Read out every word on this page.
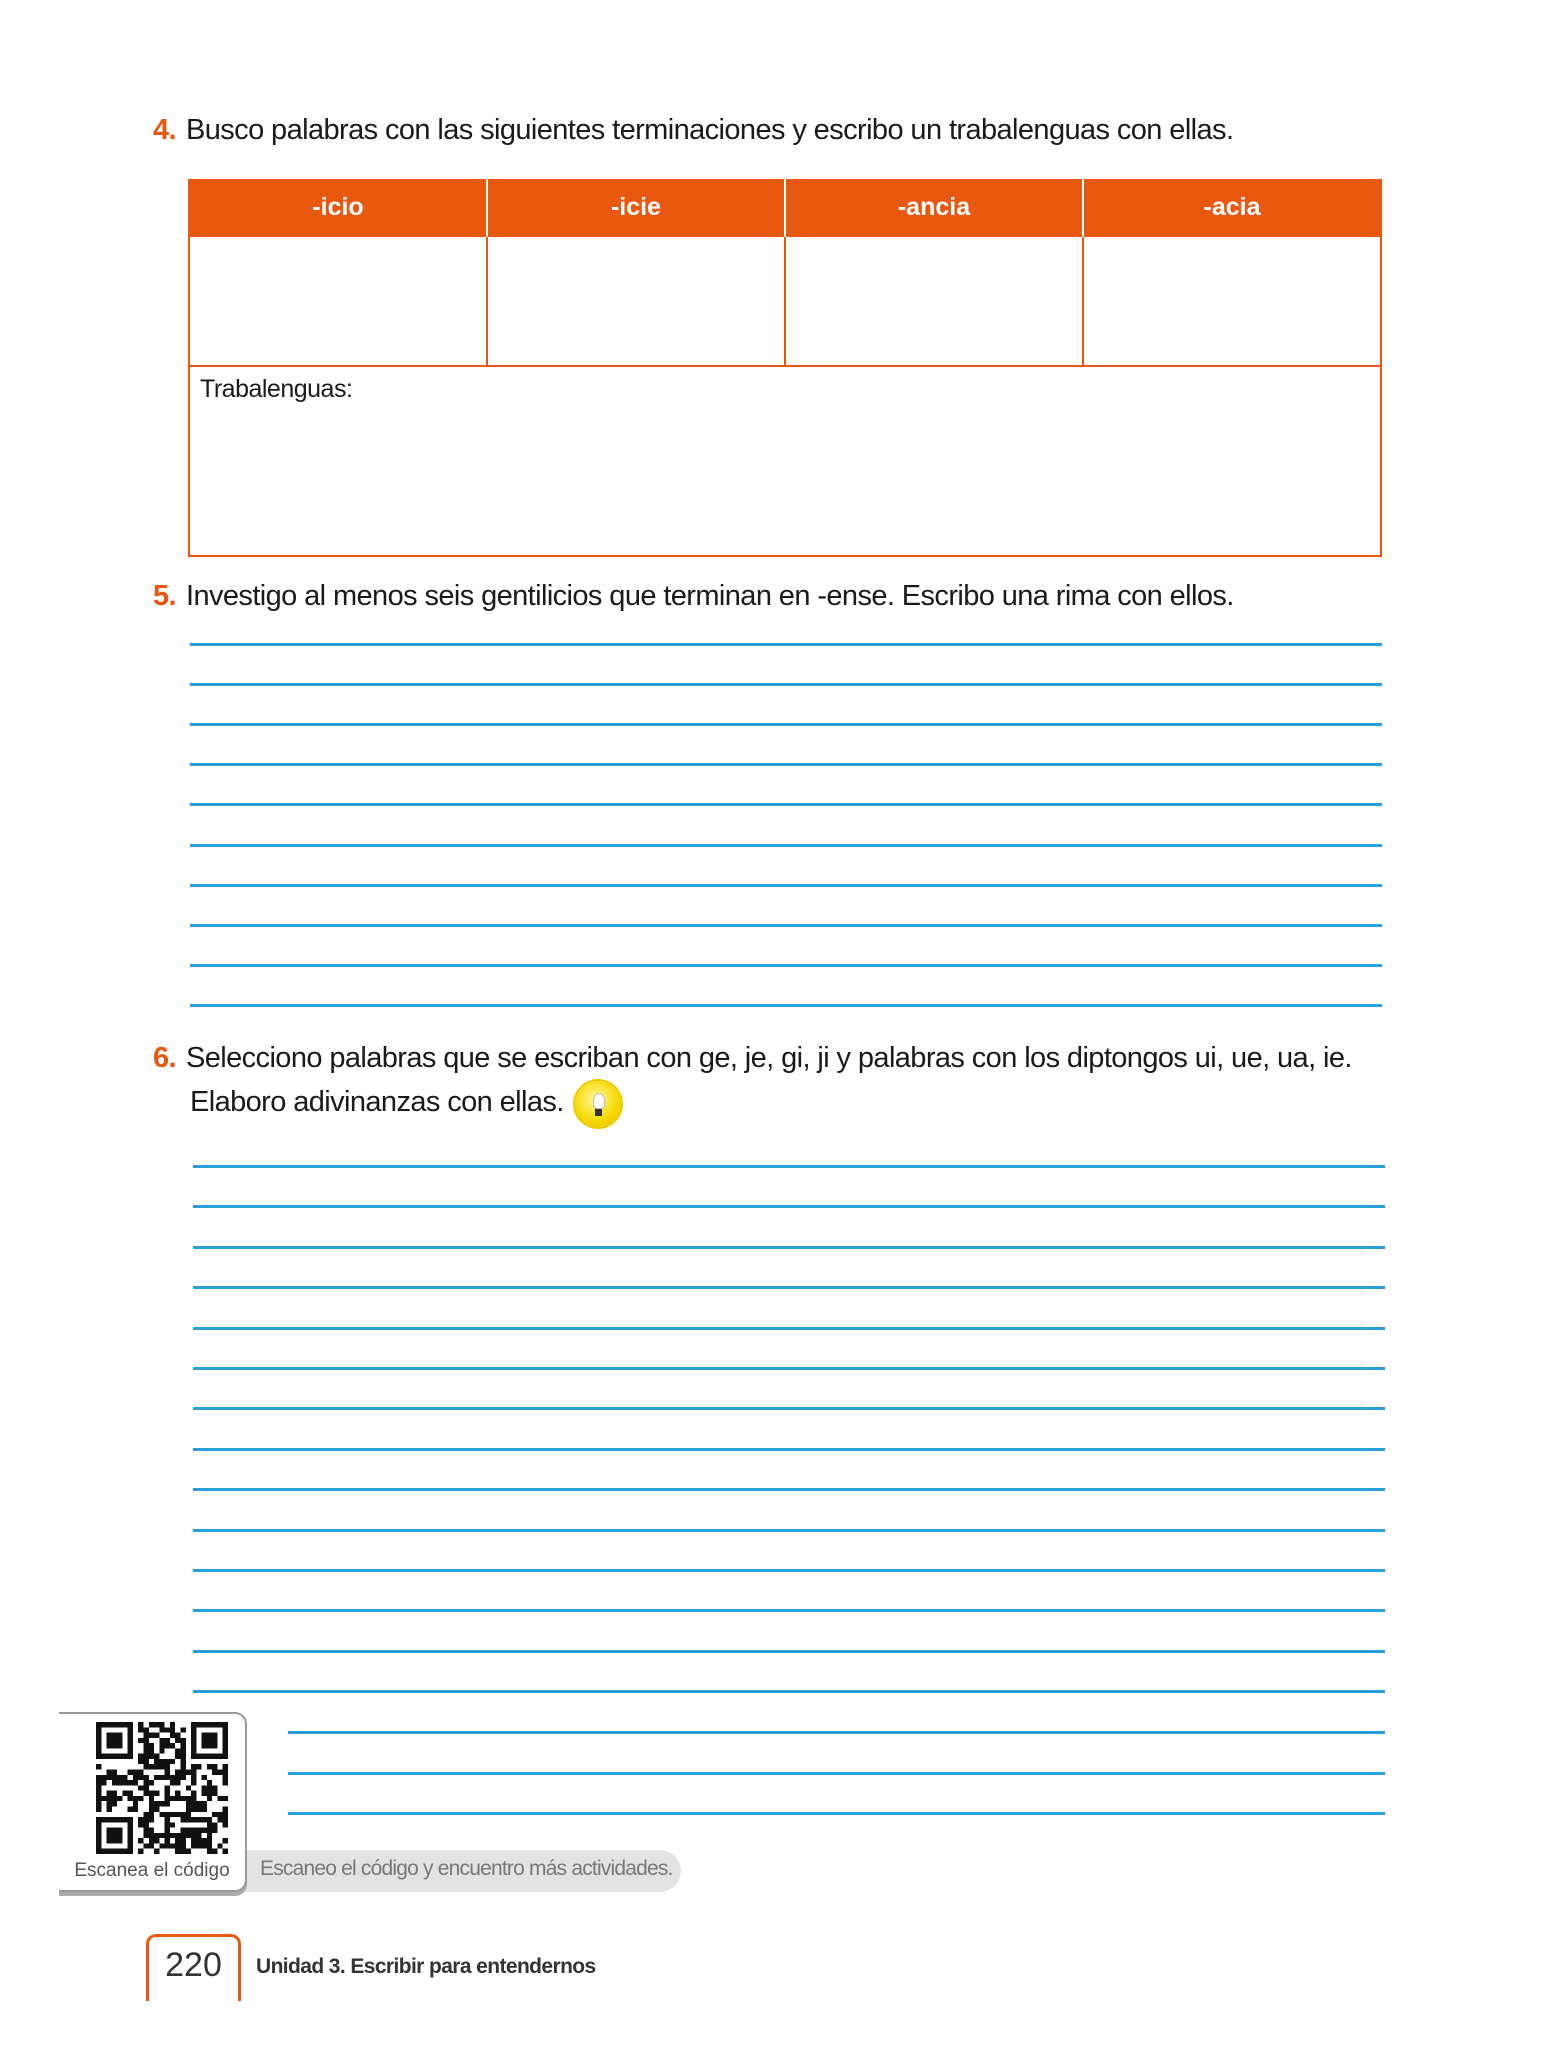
4. Busco palabras con las siguientes terminaciones y escribo un trabalenguas con ellas.
-icio	-icie	-ancia	-acia

Trabalenguas:			
5. Investigo al menos seis gentilicios que terminan en -ense. Escribo una rima con ellos.
6. Selecciono palabras que se escriban con ge, je, gi, ji y palabras con los diptongos ui, ue, ua, ie.
Elaboro adivinanzas con ellas.
Escaneo el código y encuentro más actividades.
Escanea el código
220	Unidad 3. Escribir para entendernos
